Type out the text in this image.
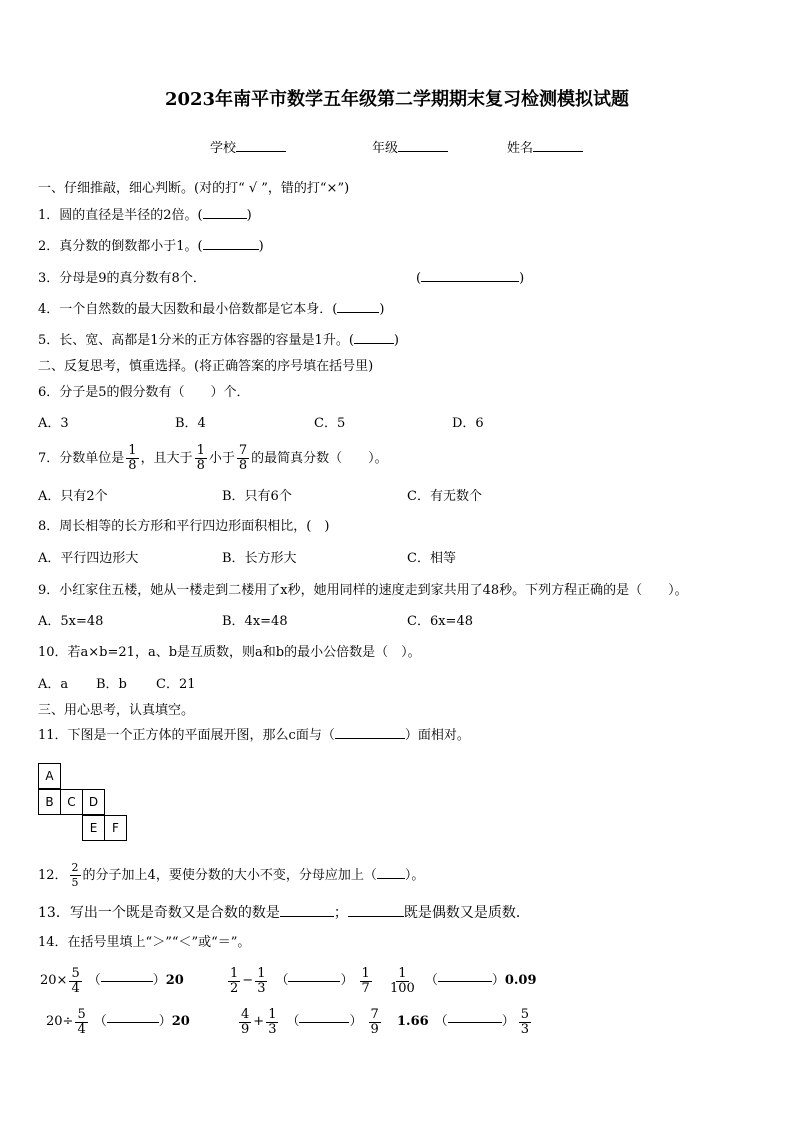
2023年南平市数学五年级第二学期期末复习检测模拟试题
学校	年级	姓名
一、仔细推敲，细心判断。(对的打“ √ ”，错的打“×”)
1．圆的直径是半径的2倍。(	)
2．真分数的倒数都小于1。(	)
3．分母是9的真分数有8个．	(	)
4．一个自然数的最大因数和最小倍数都是它本身．(	)
5．长、宽、高都是1分米的正方体容器的容量是1升。(	)
二、反复思考，慎重选择。(将正确答案的序号填在括号里)
6．分子是5的假分数有（　　）个．
A．3	B．4	C．5	D．6
7．分数单位是 $\frac{1}{8}$ ，且大于 $\frac{1}{8}$ 小于 $\frac{7}{8}$ 的最简真分数（　　）。
A．只有2个	B．只有6个	C．有无数个
8．周长相等的长方形和平行四边形面积相比，(　)
A．平行四边形大	B．长方形大	C．相等
9．小红家住五楼，她从一楼走到二楼用了x秒，她用同样的速度走到家共用了48秒。下列方程正确的是（　　）。
A．5x=48	B．4x=48	C．6x=48
10．若a×b=21，a、b是互质数，则a和b的最小公倍数是（　）。
A．a B．b C．21
三、用心思考，认真填空。
11．下图是一个正方体的平面展开图，那么c面与（	）面相对。
A
B	C	D
E	F
12． $\frac{2}{5}$ 的分子加上4，要使分数的大小不变，分母应加上（ ）。
13．写出一个既是奇数又是合数的数是	；	既是偶数又是质数．
14．在括号里填上“＞”“＜”或“＝”。
$20\times \frac{5}{4}$ （	） 20	$\frac{1}{2} - \frac{1}{3}$ （	） $\frac{1}{7} \frac{1}{100}$ （	） 0.09
$20\div \frac{5}{4}$ （	） 20	$\frac{4}{9} + \frac{1}{3}$ （	） $\frac{7}{9} 1.66$ （	） $\frac{5}{3}$
